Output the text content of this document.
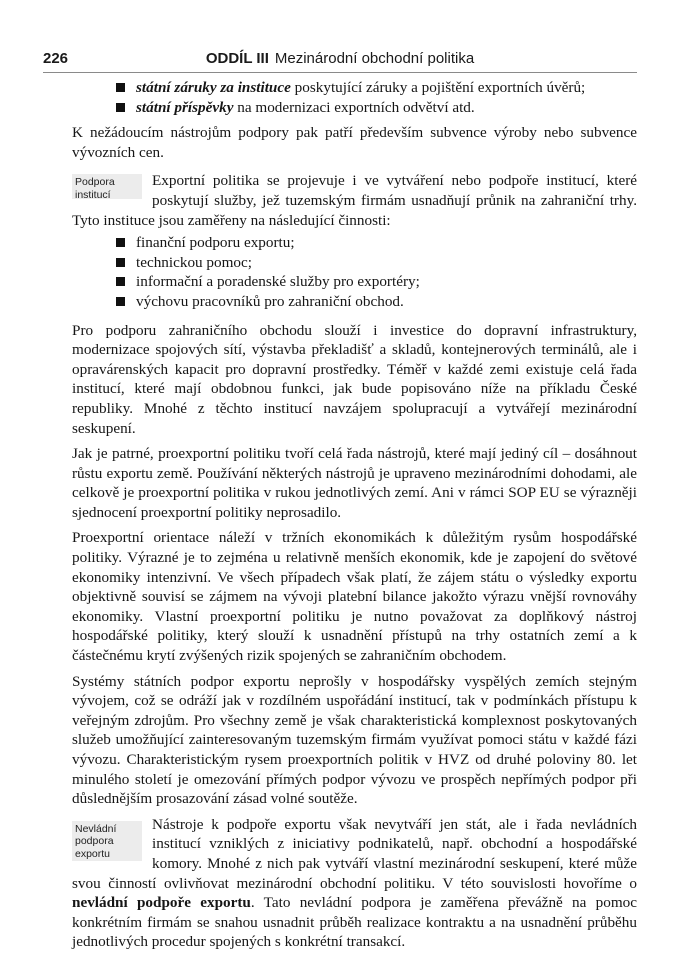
226	ODDÍL III Mezinárodní obchodní politika
státní záruky za instituce poskytující záruky a pojištění exportních úvěrů;
státní příspěvky na modernizaci exportních odvětví atd.

K nežádoucím nástrojům podpory pak patří především subvence výroby nebo subvence vývozních cen.

Podpora institucí

Exportní politika se projevuje i ve vytváření nebo podpoře institucí, které poskytují služby, jež tuzemským firmám usnadňují průnik na zahraniční trhy. Tyto instituce jsou zaměřeny na následující činnosti:

finanční podporu exportu;
technickou pomoc;
informační a poradenské služby pro exportéry;
výchovu pracovníků pro zahraniční obchod.

Pro podporu zahraničního obchodu slouží i investice do dopravní infrastruktury, modernizace spojových sítí, výstavba překladišť a skladů, kontejnerových terminálů, ale i opravárenských kapacit pro dopravní prostředky. Téměř v každé zemi existuje celá řada institucí, které mají obdobnou funkci, jak bude popisováno níže na příkladu České republiky. Mnohé z těchto institucí navzájem spolupracují a vytvářejí mezinárodní seskupení.

Jak je patrné, proexportní politiku tvoří celá řada nástrojů, které mají jediný cíl – dosáhnout růstu exportu země. Používání některých nástrojů je upraveno mezinárodními dohodami, ale celkově je proexportní politika v rukou jednotlivých zemí. Ani v rámci SOP EU se výrazněji sjednocení proexportní politiky neprosadilo.

Proexportní orientace náleží v tržních ekonomikách k důležitým rysům hospodářské politiky. Výrazné je to zejména u relativně menších ekonomik, kde je zapojení do světové ekonomiky intenzivní. Ve všech případech však platí, že zájem státu o výsledky exportu objektivně souvisí se zájmem na vývoji platební bilance jakožto výrazu vnější rovnováhy ekonomiky. Vlastní proexportní politiku je nutno považovat za doplňkový nástroj hospodářské politiky, který slouží k usnadnění přístupů na trhy ostatních zemí a k částečnému krytí zvýšených rizik spojených se zahraničním obchodem.

Systémy státních podpor exportu neprošly v hospodářsky vyspělých zemích stejným vývojem, což se odráží jak v rozdílném uspořádání institucí, tak v podmínkách přístupu k veřejným zdrojům. Pro všechny země je však charakteristická komplexnost poskytovaných služeb umožňující zainteresovaným tuzemským firmám využívat pomoci státu v každé fázi vývozu. Charakteristickým rysem proexportních politik v HVZ od druhé poloviny 80. let minulého století je omezování přímých podpor vývozu ve prospěch nepřímých podpor při důslednějším prosazování zásad volné soutěže.

Nevládní podpora exportu

Nástroje k podpoře exportu však nevytváří jen stát, ale i řada nevládních institucí vzniklých z iniciativy podnikatelů, např. obchodní a hospodářské komory. Mnohé z nich pak vytváří vlastní mezinárodní seskupení, které může svou činností ovlivňovat mezinárodní obchodní politiku. V této souvislosti hovoříme o nevládní podpoře exportu. Tato nevládní podpora je zaměřena převážně na pomoc konkrétním firmám se snahou usnadnit průběh realizace kontraktu a na usnadnění průběhu jednotlivých procedur spojených s konkrétní transakcí.
